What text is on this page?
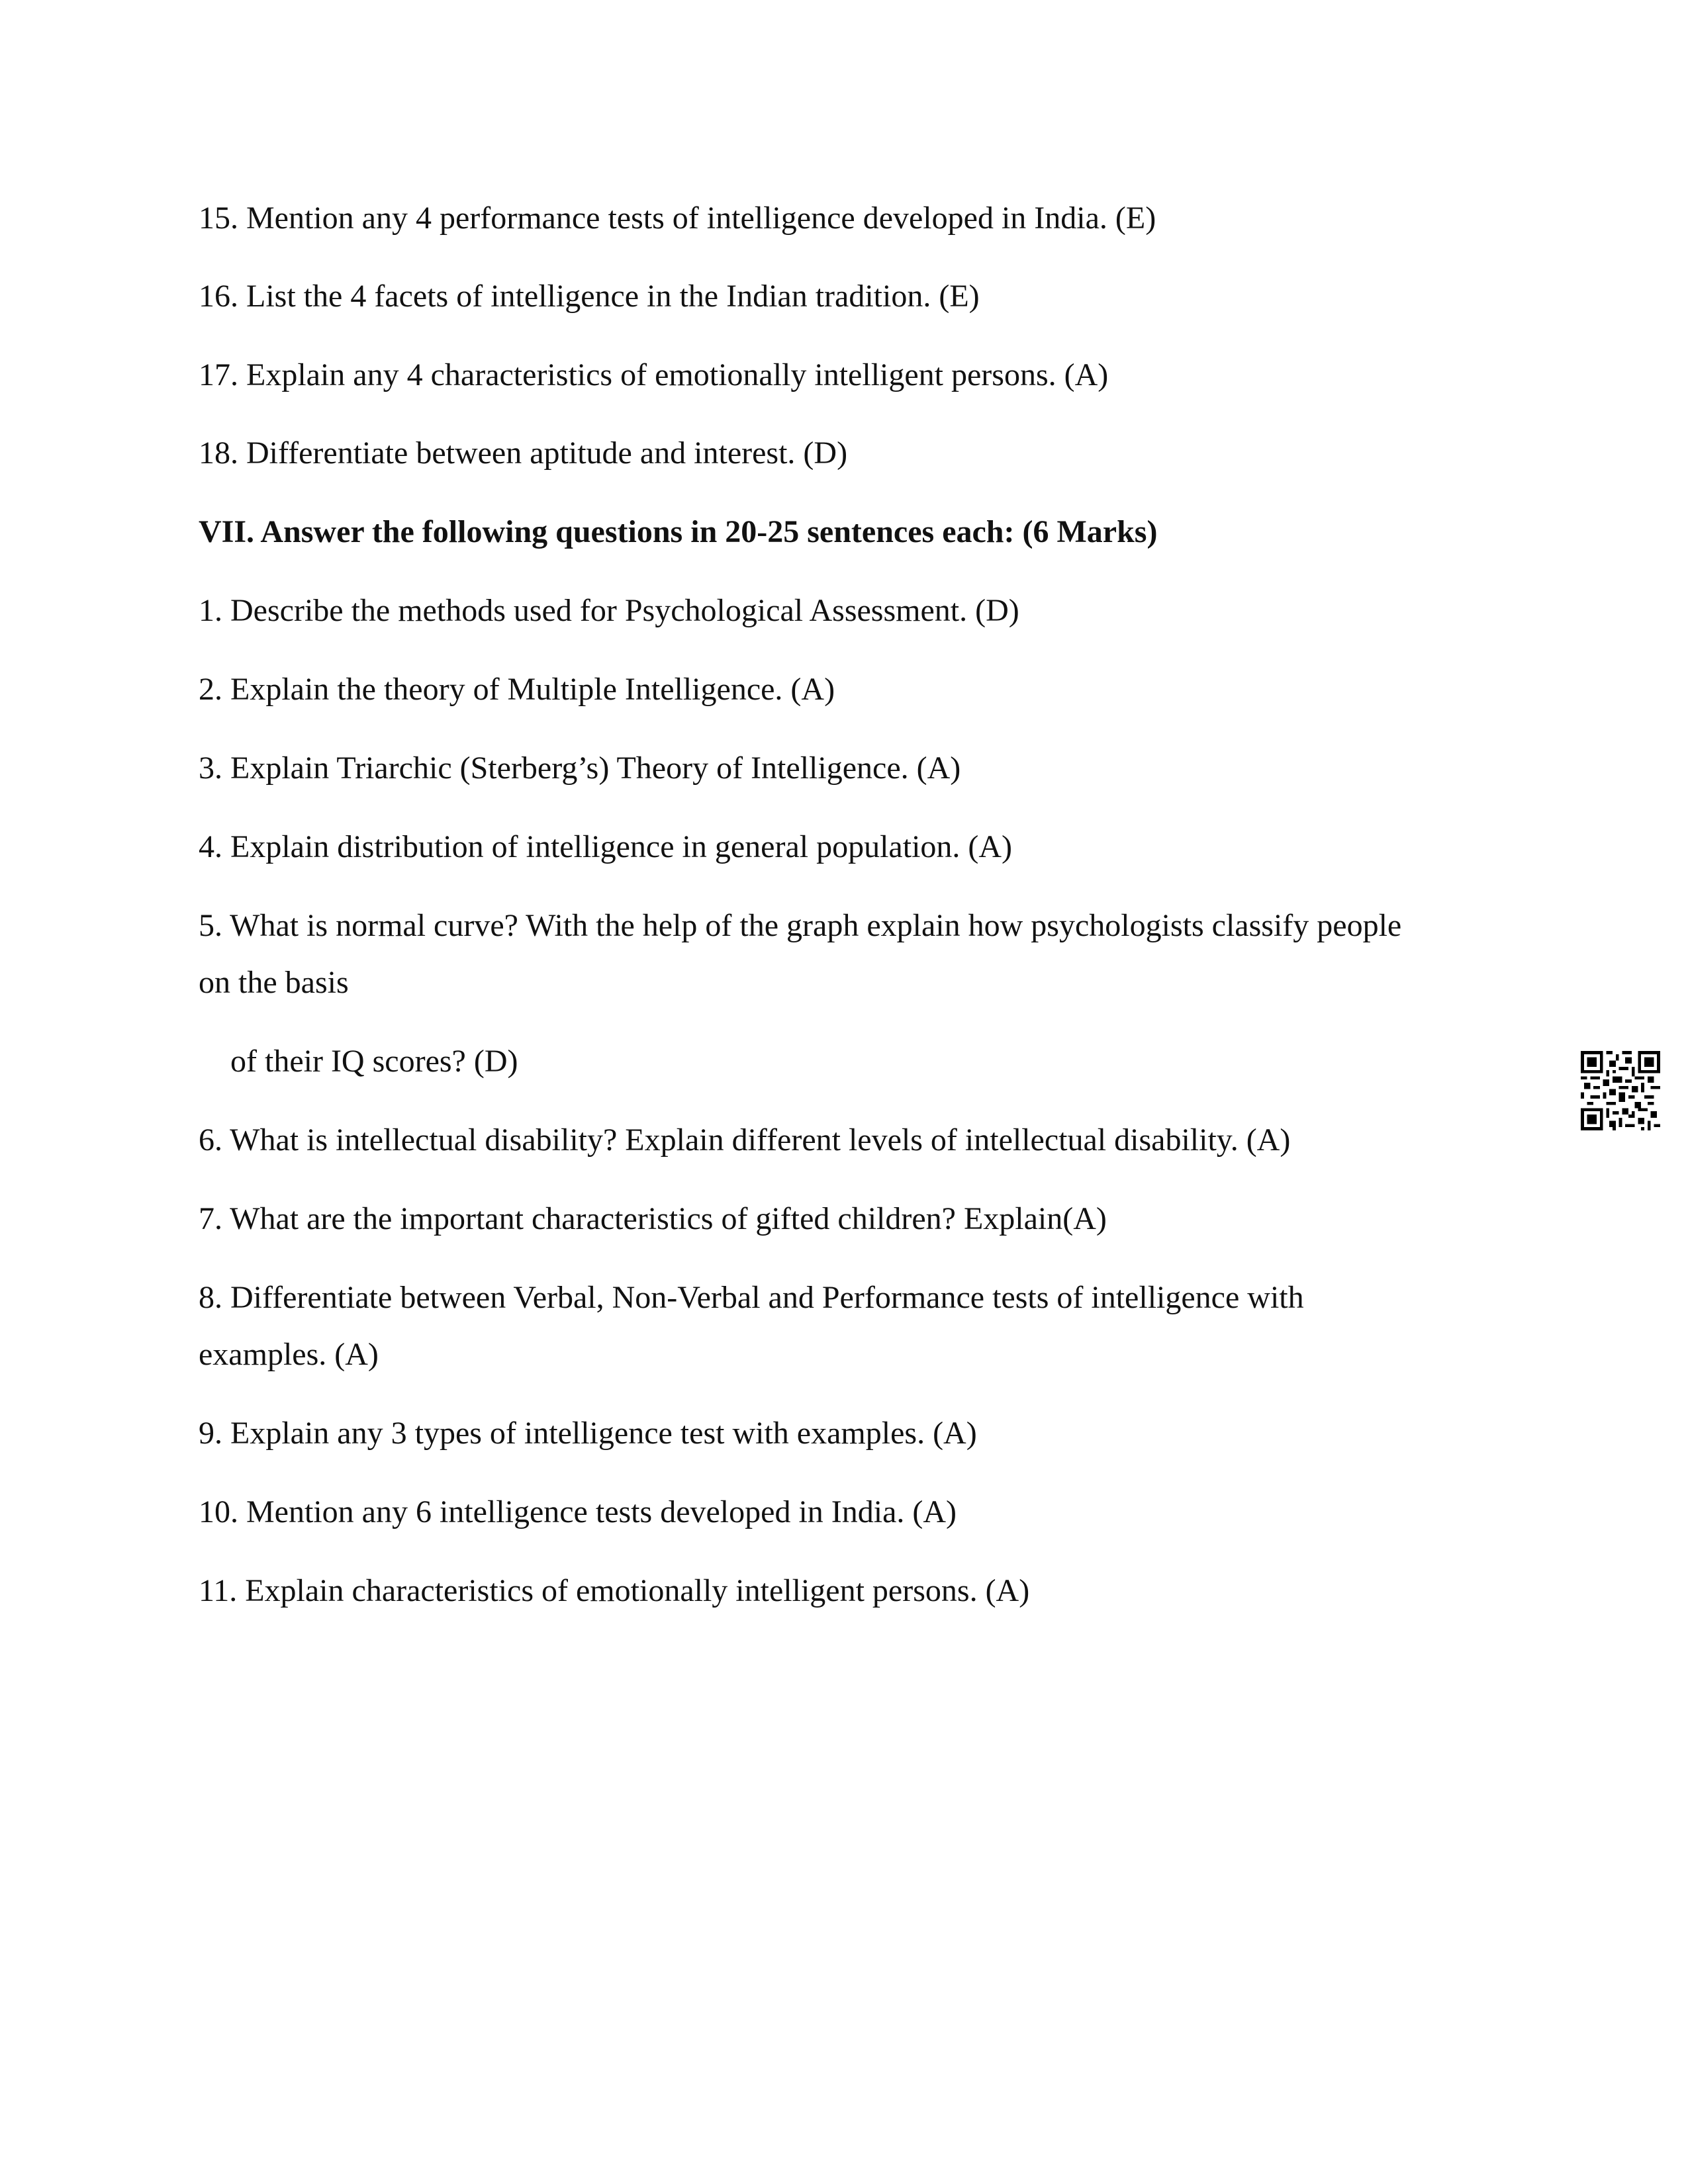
15. Mention any 4 performance tests of intelligence developed in India. (E)
16. List the 4 facets of intelligence in the Indian tradition. (E)
17. Explain any 4 characteristics of emotionally intelligent persons. (A)
18. Differentiate between aptitude and interest. (D)
VII. Answer the following questions in 20-25 sentences each: (6 Marks)
1. Describe the methods used for Psychological Assessment. (D)
2. Explain the theory of Multiple Intelligence. (A)
3. Explain Triarchic (Sterberg’s) Theory of Intelligence. (A)
4. Explain distribution of intelligence in general population. (A)
5. What is normal curve? With the help of the graph explain how psychologists classify people
on the basis
of their IQ scores? (D)
6. What is intellectual disability? Explain different levels of intellectual disability. (A)
7. What are the important characteristics of gifted children? Explain(A)
8. Differentiate between Verbal, Non-Verbal and Performance tests of intelligence with
examples. (A)
9. Explain any 3 types of intelligence test with examples. (A)
10. Mention any 6 intelligence tests developed in India. (A)
11. Explain characteristics of emotionally intelligent persons. (A)
